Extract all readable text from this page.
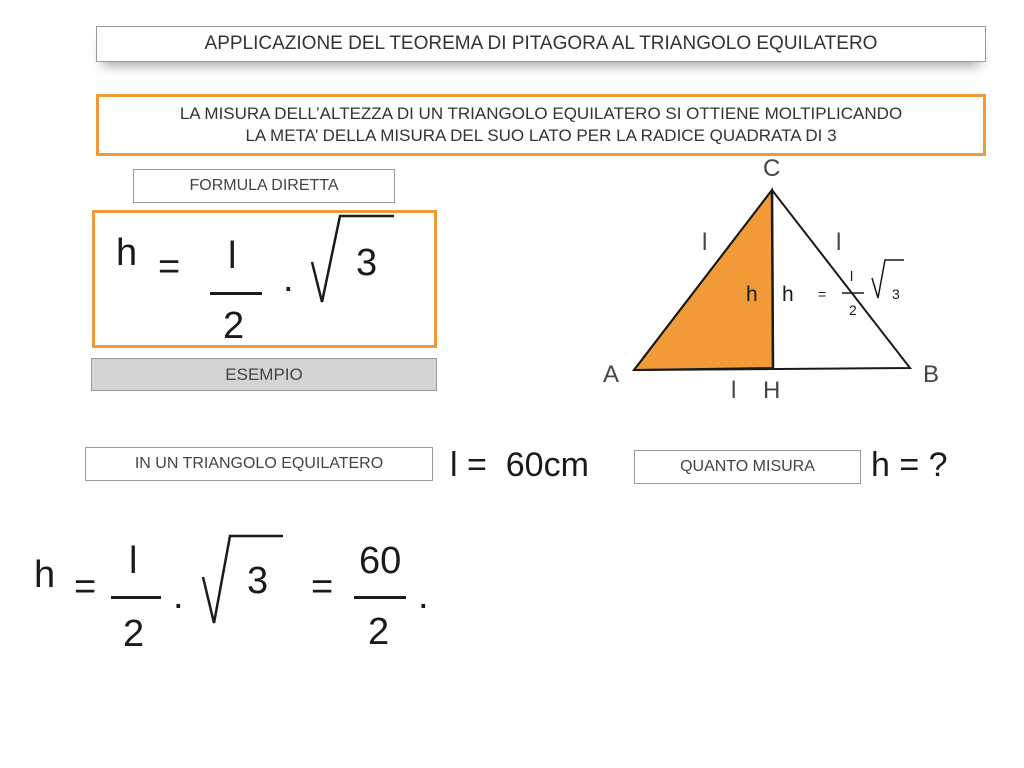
APPLICAZIONE DEL TEOREMA DI PITAGORA AL TRIANGOLO EQUILATERO
LA MISURA DELL’ALTEZZA DI UN TRIANGOLO EQUILATERO SI OTTIENE MOLTIPLICANDO
LA META’ DELLA MISURA DEL SUO LATO PER LA RADICE QUADRATA DI 3
FORMULA DIRETTA
h = l
2
. 3
ESEMPIO
C
A	B
H
l	l
l
h h =
l
2
3
IN UN TRIANGOLO EQUILATERO l =  60cm	QUANTO MISURA h = ?
h =
l
2
. 3 =
60
2
.
